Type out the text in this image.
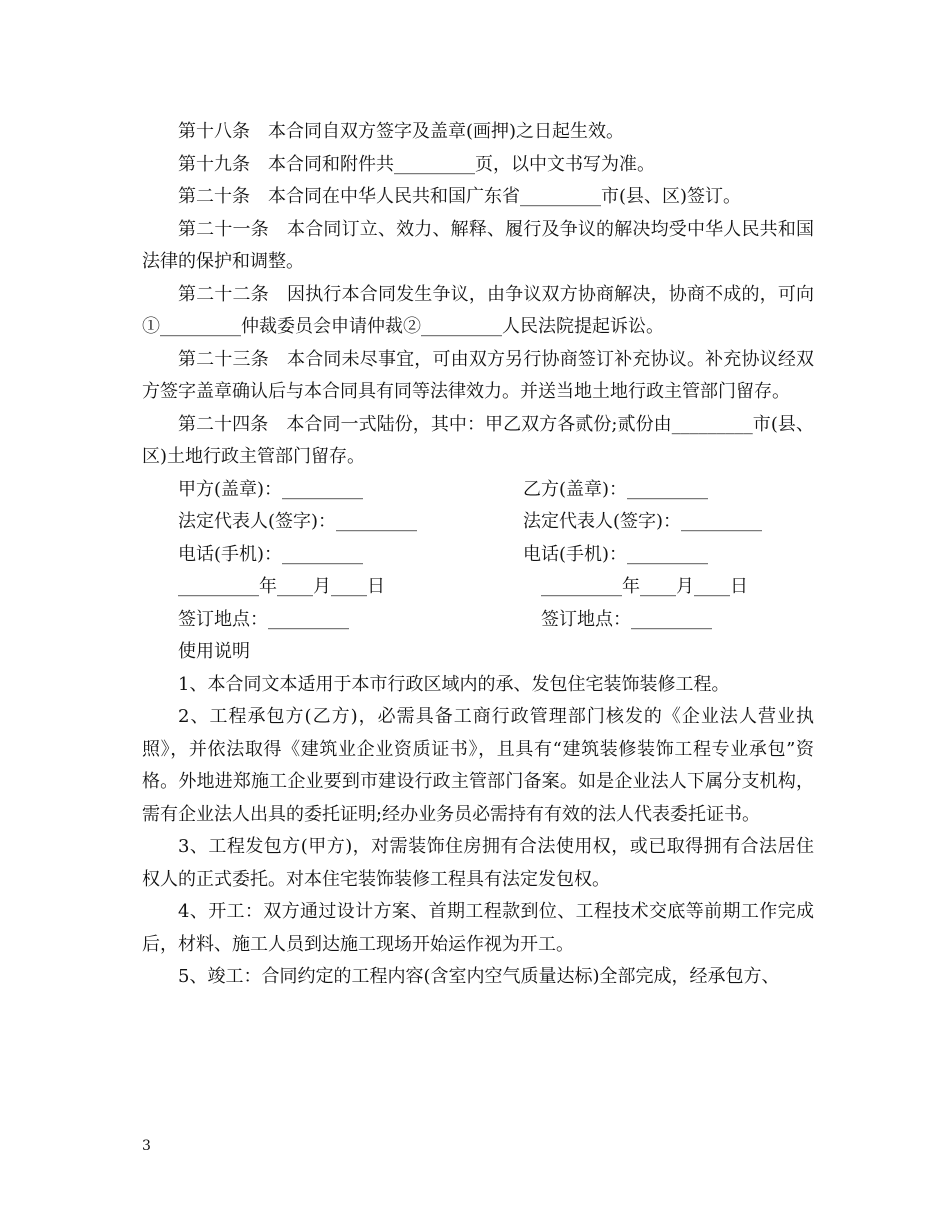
第十八条　本合同自双方签字及盖章(画押)之日起生效。

第十九条　本合同和附件共_________页，以中文书写为准。

第二十条　本合同在中华人民共和国广东省_________市(县、区)签订。

第二十一条　本合同订立、效力、解释、履行及争议的解决均受中华人民共和国法律的保护和调整。

第二十二条　因执行本合同发生争议，由争议双方协商解决，协商不成的，可向①_________仲裁委员会申请仲裁②_________人民法院提起诉讼。

第二十三条　本合同未尽事宜，可由双方另行协商签订补充协议。补充协议经双方签字盖章确认后与本合同具有同等法律效力。并送当地土地行政主管部门留存。

第二十四条　本合同一式陆份，其中：甲乙双方各贰份;贰份由_________市(县、区)土地行政主管部门留存。

甲方(盖章)：_________	乙方(盖章)：_________
法定代表人(签字)：_________	法定代表人(签字)：_________
电话(手机)：_________	电话(手机)：_________
_________年____月____日	_________年____月____日
签订地点：_________	签订地点：_________
使用说明

1、本合同文本适用于本市行政区域内的承、发包住宅装饰装修工程。

2、工程承包方(乙方)，必需具备工商行政管理部门核发的《企业法人营业执照》，并依法取得《建筑业企业资质证书》，且具有“建筑装修装饰工程专业承包”资格。外地进郑施工企业要到市建设行政主管部门备案。如是企业法人下属分支机构，需有企业法人出具的委托证明;经办业务员必需持有有效的法人代表委托证书。

3、工程发包方(甲方)，对需装饰住房拥有合法使用权，或已取得拥有合法居住权人的正式委托。对本住宅装饰装修工程具有法定发包权。

4、开工：双方通过设计方案、首期工程款到位、工程技术交底等前期工作完成后，材料、施工人员到达施工现场开始运作视为开工。

5、竣工：合同约定的工程内容(含室内空气质量达标)全部完成，经承包方、

3
